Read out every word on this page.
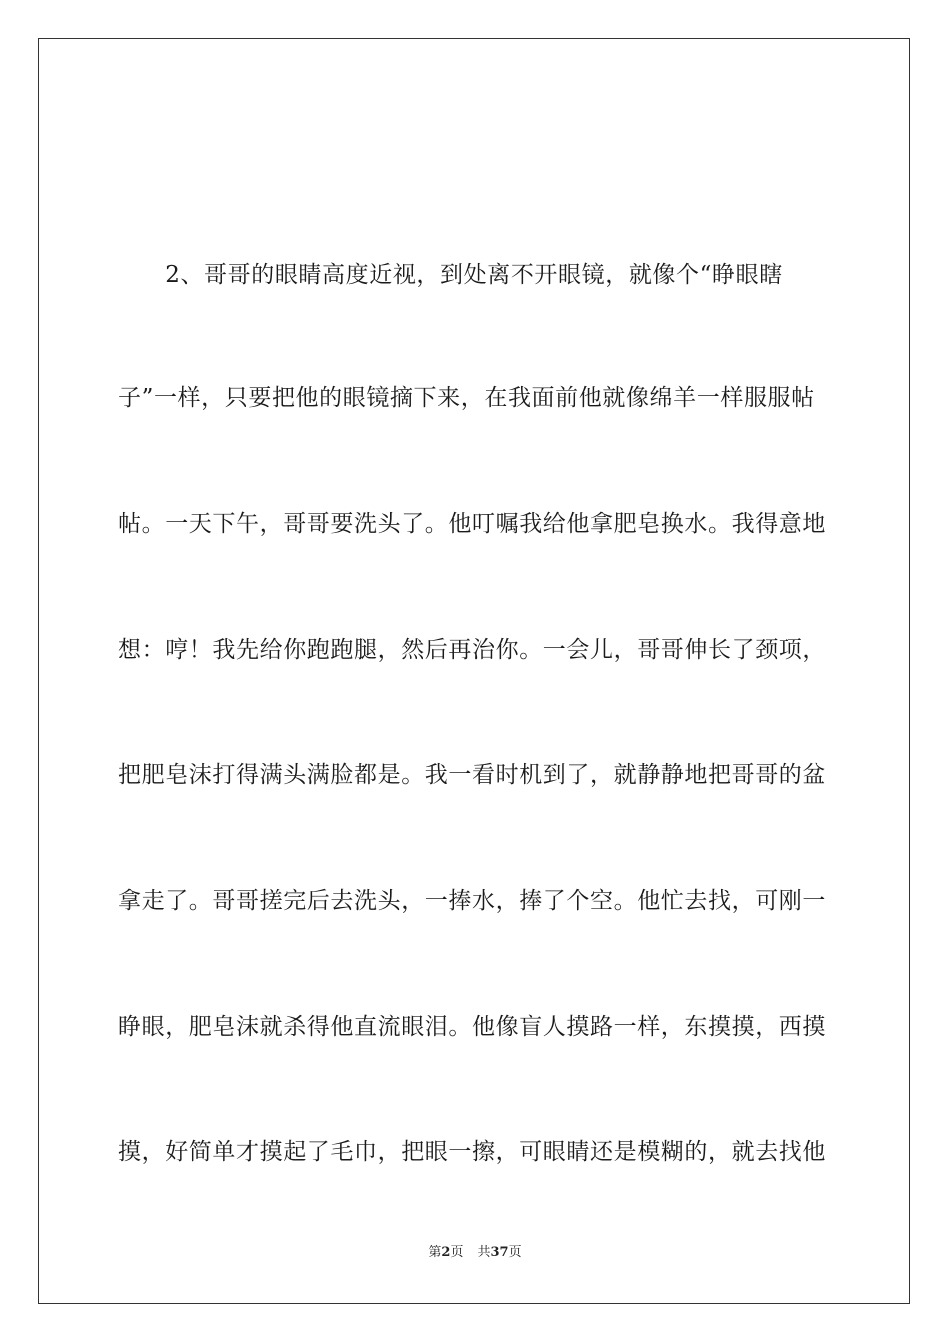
　　2、哥哥的眼睛高度近视，到处离不开眼镜，就像个“睁眼瞎
子”一样，只要把他的眼镜摘下来，在我面前他就像绵羊一样服服帖
帖。一天下午，哥哥要洗头了。他叮嘱我给他拿肥皂换水。我得意地
想：哼！我先给你跑跑腿，然后再治你。一会儿，哥哥伸长了颈项，
把肥皂沫打得满头满脸都是。我一看时机到了，就静静地把哥哥的盆
拿走了。哥哥搓完后去洗头，一捧水，捧了个空。他忙去找，可刚一
睁眼，肥皂沫就杀得他直流眼泪。他像盲人摸路一样，东摸摸，西摸
摸，好简单才摸起了毛巾，把眼一擦，可眼睛还是模糊的，就去找他
第2页 共37页
